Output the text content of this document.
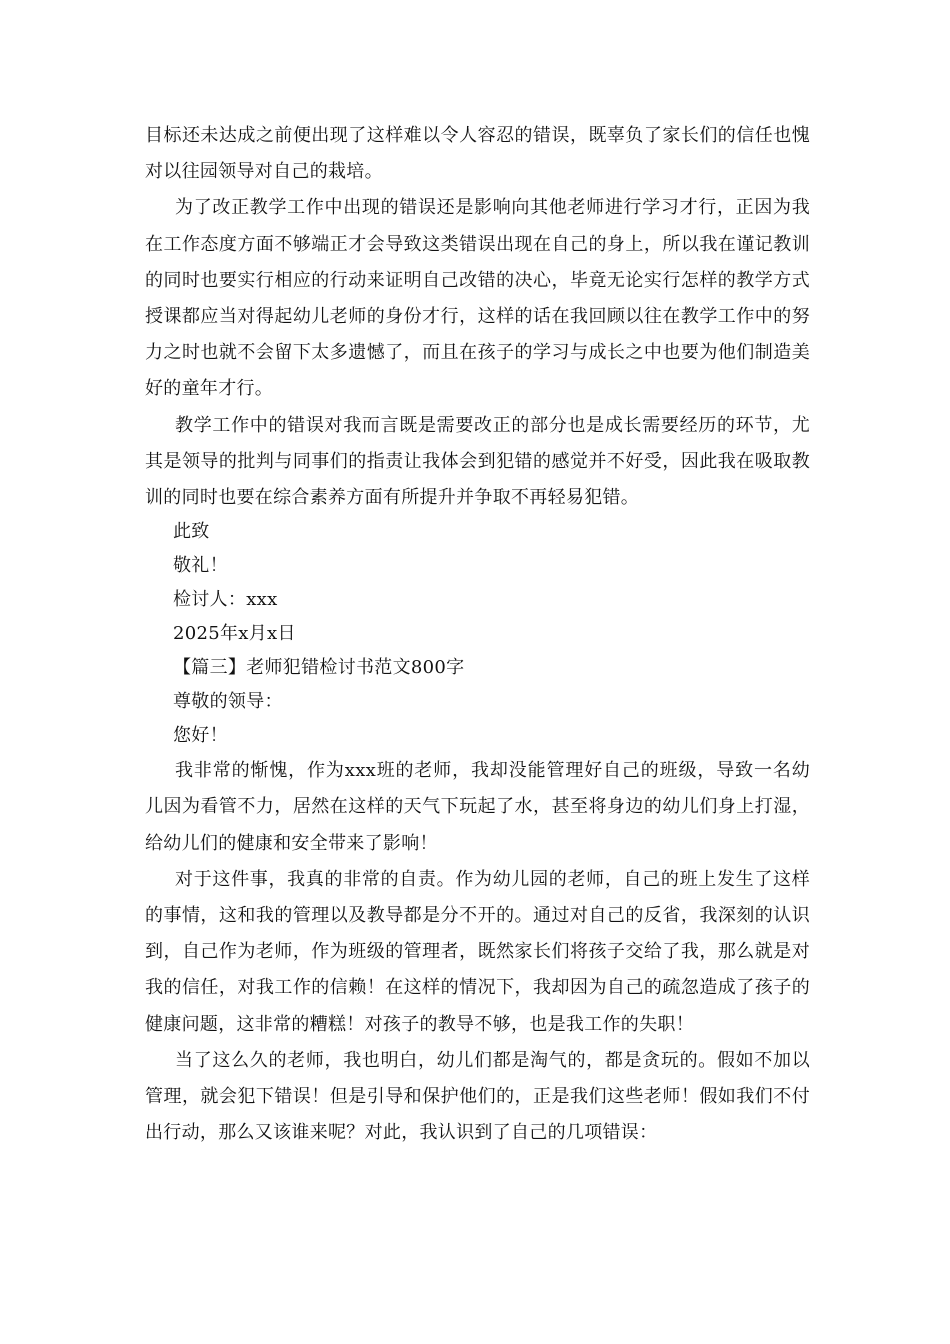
目标还未达成之前便出现了这样难以令人容忍的错误，既辜负了家长们的信任也愧对以往园领导对自己的栽培。

为了改正教学工作中出现的错误还是影响向其他老师进行学习才行，正因为我在工作态度方面不够端正才会导致这类错误出现在自己的身上，所以我在谨记教训的同时也要实行相应的行动来证明自己改错的决心，毕竟无论实行怎样的教学方式授课都应当对得起幼儿老师的身份才行，这样的话在我回顾以往在教学工作中的努力之时也就不会留下太多遗憾了，而且在孩子的学习与成长之中也要为他们制造美好的童年才行。

教学工作中的错误对我而言既是需要改正的部分也是成长需要经历的环节，尤其是领导的批判与同事们的指责让我体会到犯错的感觉并不好受，因此我在吸取教训的同时也要在综合素养方面有所提升并争取不再轻易犯错。

此致

敬礼！

检讨人：xxx

2025年x月x日

【篇三】老师犯错检讨书范文800字

尊敬的领导：

您好！

我非常的惭愧，作为xxx班的老师，我却没能管理好自己的班级，导致一名幼儿因为看管不力，居然在这样的天气下玩起了水，甚至将身边的幼儿们身上打湿，给幼儿们的健康和安全带来了影响！

对于这件事，我真的非常的自责。作为幼儿园的老师，自己的班上发生了这样的事情，这和我的管理以及教导都是分不开的。通过对自己的反省，我深刻的认识到，自己作为老师，作为班级的管理者，既然家长们将孩子交给了我，那么就是对我的信任，对我工作的信赖！在这样的情况下，我却因为自己的疏忽造成了孩子的健康问题，这非常的糟糕！对孩子的教导不够，也是我工作的失职！

当了这么久的老师，我也明白，幼儿们都是淘气的，都是贪玩的。假如不加以管理，就会犯下错误！但是引导和保护他们的，正是我们这些老师！假如我们不付出行动，那么又该谁来呢？对此，我认识到了自己的几项错误：
